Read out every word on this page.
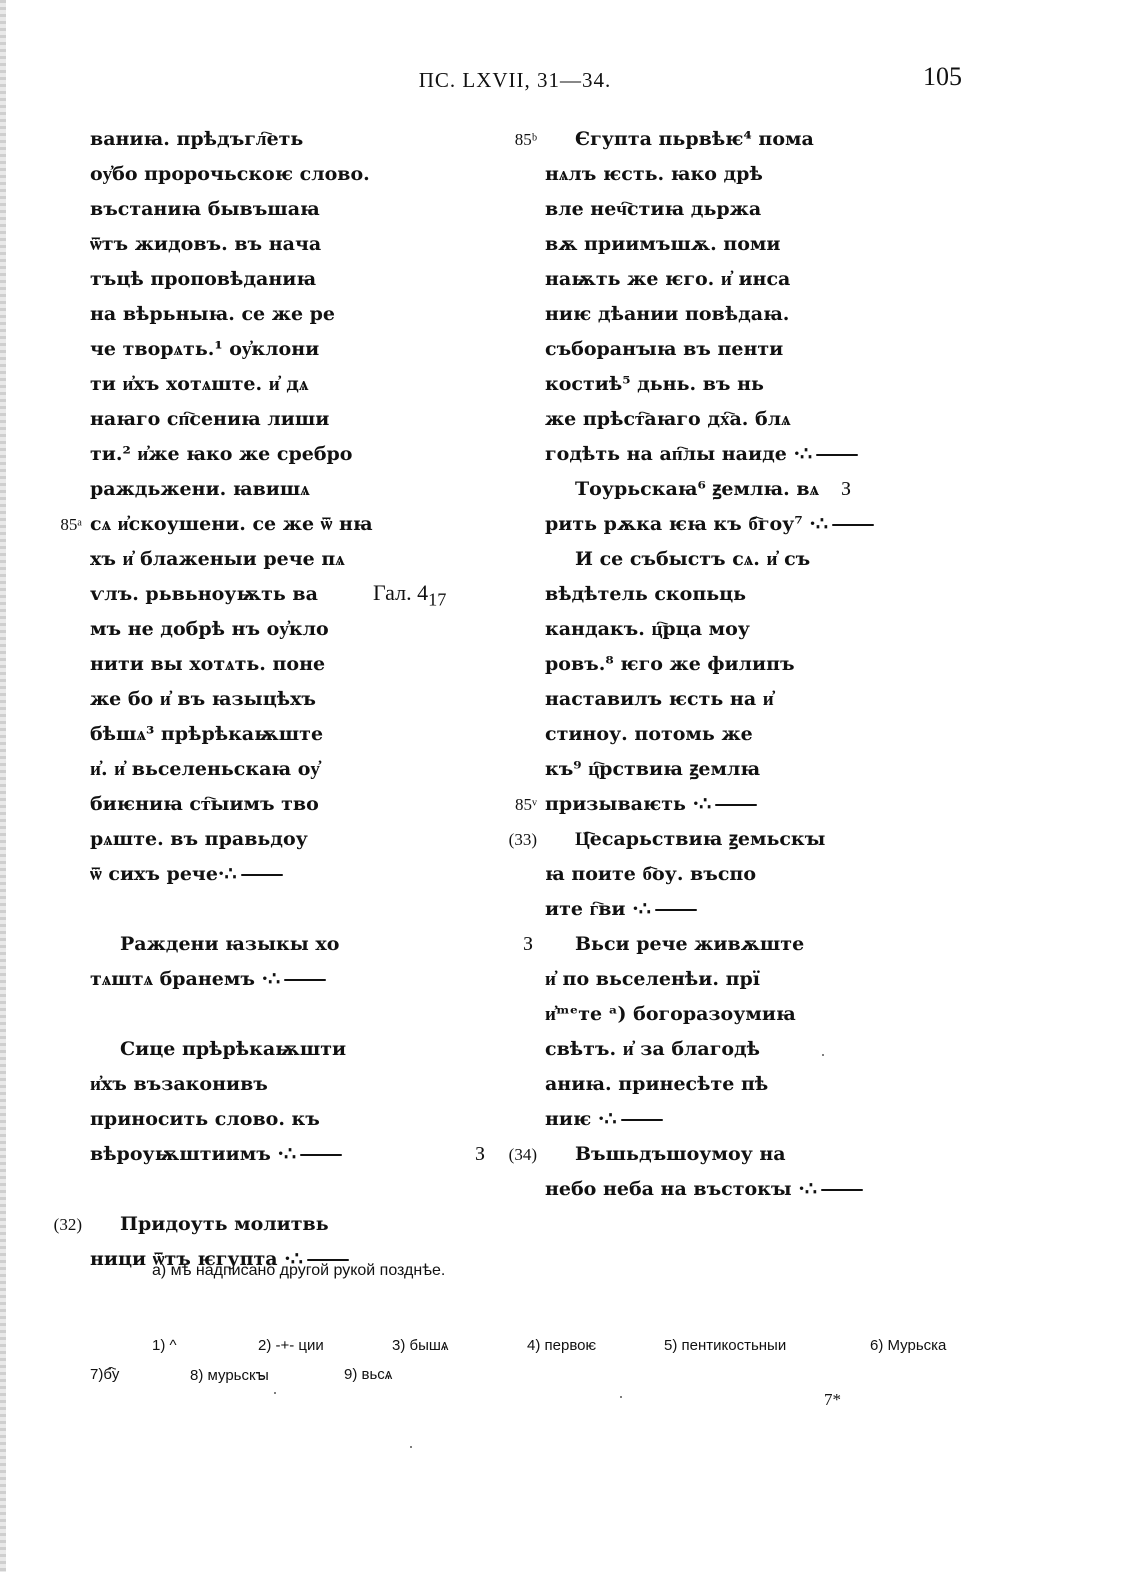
ПС. LXVII, 31—34.	105
ваниꙗ. прѣдъгл҇еть
оу҆бо пророчьскоѥ слово.
въстаниꙗ бывъшаꙗ
ѿтъ жидовъ. въ нача
тъцѣ проповѣданиꙗ
на вѣрьныꙗ. се же ре
че творѧть.¹ оу҆клони
ти и҆хъ хотѧште. и҆ дѧ
наꙗго сп҇сениꙗ лиши
ти.² и҆же ꙗко же сребро
раждьжени. ꙗвишѧ
85ᵃ сѧ и҆скоушени. се же ѿ нꙗ
хъ и҆ блаженыи рече пѧ
ѵлъ. рьвьноуѭть ва
мъ не добрѣ нъ оу҆кло
нити вы хотѧть. поне
же бо и҆ въ ꙗзыцѣхъ
бѣшѧ³ прѣрѣкаѭште
и҆. и҆ вьселеньскаꙗ оу҆
биѥниꙗ ст҇ыимъ тво
рѧште. въ правьдоу
ѿ сихъ рече·∴
Раждени ꙗзыкы хо
тѧштѧ бранемъ ·∴
Сице прѣрѣкаѭшти
и҆хъ възаконивъ
приносить слово. къ
вѣроуѭштиимъ ·∴
(32) Придоуть молитвь
ници ѿтъ ѥгупта ·∴
85ᵇ Єгупта пьрвѣѥ⁴ пома
нѧлъ ѥсть. ꙗко дрѣ
вле неч҇стиꙗ дьржа
вѫ приимъшѫ. поми
наѭть же ѥго. и҆ инса
ниѥ дѣании повѣдаꙗ.
съборанꙑꙗ въ пенти
костиѣ⁵ дьнь. въ нь
же прѣст҇аꙗго дх҇а. блѧ
годѣть на ап҇лы наиде ·∴
Тоурьскаꙗ⁶ ꙃемлꙗ. вѧ З
рить рѫка ѥꙗ къ б҇гоу⁷ ·∴
И се събыстъ сѧ. и҆ съ
вѣдѣтель скопьць
кандакъ. ц҇рца моу
ровъ.⁸ ѥго же филипъ
наставилъ ѥсть на и҆
стиноу. потомь же
къ⁹ ц҇рствиꙗ ꙃемлꙗ
85ᵛ призываѥть ·∴
(33) Ц҇есарьствиꙗ ꙃемьскꙑ
ꙗ поите б҇оу. въспо
ите г҇ви ·∴
З Вьси рече живѫште
и҆ по вьселенѣи. прї
и҆ᵐᵉте ᵃ) богоразоумиꙗ
свѣтъ. и҆ за благодѣ
аниꙗ. принесѣте пѣ
ниѥ ·∴
(34)
З	Въшьдъшоумоу на
небо неба на въстокꙑ ·∴
Гал. $4_{17}$
а) мѣ надписано другой рукой позднѣе.
1) ^	2) -+- ции	3) бышѧ	4) первоѥ	5) пентикостьныи	6) Мурьска
7)б҇у	8) мурьскꙑ	9) вьсѧ
7*
